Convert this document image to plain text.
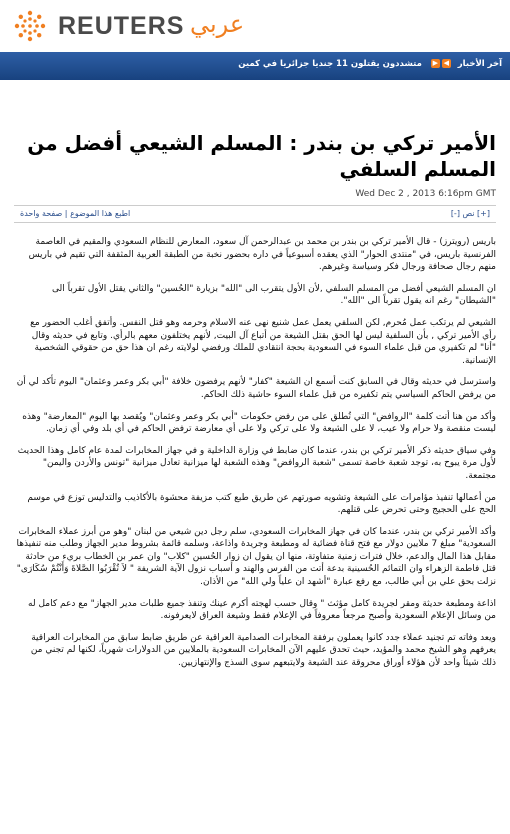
REUTERS عربي
آخر الأخبار ◀▶ متشددون يقتلون 11 جنديا جزائريا في كمين
الأمير تركي بن بندر : المسلم الشيعي أفضل من المسلم السلفي
Wed Dec 2 , 2013 6:16pm GMT
[+] نص [-]
اطبع هذا الموضوع | صفحة واحدة

باريس (رويترز) - قال الأمير تركي بن بندر بن محمد بن عبدالرحمن آل سعود، المعارض للنظام السعودي والمقيم في العاصمة الفرنسية باريس، في "منتدى الحوار" الذي يعقده أسبوعياً في داره بحضور نخبة من الطبقة العربية المثقفة التي تقيم في باريس منهم رجال صحافة ورجال فكر وسياسة وغيرهم.

ان المسلم الشيعي أفضل من المسلم السلفي ,لأن الأول يتقرب الى "الله" بزيارة "الحُسين" والثاني يقتل الأول تقرباً الى "الشيطان" رغم انه يقول تقرباً الى "الله".

الشيعي لم يرتكب عمل مُحرم, لكن السلفي يعمل عمل شنيع نهى عنه الاسلام وحرمه وهو قتل النفس. وأتفق أغلب الحضور مع رأي الأمير تركي , بأن السلفية ليس لها الحق بقتل الشيعة من أتباع آل البيت, لأنهم يختلفون معهم بالرأي. وتابع في حديثه وقال "أنا" لم تكفيري من قبل علماء السوء في السعودية بحجة انتقادي للملك ورفضي لولايته رغم ان هذا حق من حقوقي الشخصية الإنسانية.

واسترسل في حديثه وقال في السابق كنت أسمع ان الشيعة "كفار" لأنهم يرفضون خلافة "أبي بكر وعمر وعثمان" اليوم تأكد لي أن من يرفض الحاكم السياسي يتم تكفيره من قبل علماء السوء حاشية ذلك الحاكم.

وأكد من هنا أتت كلمة "الروافض" التي تُطلق على من رفض حكومات "أبي بكر وعمر وعثمان" ويُقصد بها اليوم "المعارضة" وهذه ليست منقصة ولا حرام ولا عيب، لا على الشيعة ولا على تركي ولا على أي معارضة ترفض الحاكم في أي بلد وفي أي زمان.

وفي سياق حديثه ذكر الأمير تركي بن بندر، عندما كان ضابط في وزارة الداخلية و في جهاز المخابرات لمدة عام كامل وهذا الحديث لأول مرة يبوح به، توجد شعبة خاصة تسمى "شعبة الروافض" وهذه الشعبة لها ميزانية تعادل ميزانية "تونس والأردن واليمن" مجتمعة.

من أعمالها تنفيذ مؤامرات على الشيعة وتشويه صورتهم عن طريق طبع كتب مزيفة محشوة بالأكاذيب والتدليس توزع في موسم الحج على الحجيج وحتى تحرض على قتلهم.

وأكد الأمير تركي بن بندر، عندما كان في جهاز المخابرات السعودي، سلم رجل دين شيعي من لبنان "وهو من أبرز عملاء المخابرات السعودية" مبلغ 7 ملايين دولار مع فتح قناة فضائية له ومطبعة وجريدة واذاعة، وسلمه قائمة بشروط مدير الجهاز وطلب منه تنفيذها مقابل هذا المال والدعم، خلال فترات زمنية متفاوتة، منها ان يقول ان زوار الحُسين "كلاب" وان عمر بن الخطاب بريء من حادثة قتل فاطمة الزهراء وان التمائم الحُسينية بدعة أتت من الفرس والهند و أسباب نزول الآية الشريفة " لاَ تُقْرَبُوا الصَّلاةَ وَأَنْتُمْ سُكَارَى" نزلت بحق علي بن أبي طالب، مع رفع عبارة "أشهد ان علياً ولي الله" من الأذان.

اذاعة ومطبعة حديثة ومقر لجريدة كامل مؤثث " وقال حسب لهجته أكرم عينك وتنفذ جميع طلبات مدير الجهاز" مع دعم كامل له من وسائل الإعلام السعودية وأصبح مرجعاً معروفاً في الإعلام فقط وشيعة العراق لايعرفونه.

ويعد وفاته تم تجنيد عملاء جدد كانوا يعملون برفقة المخابرات الصدامية العراقية عن طريق ضابط سابق من المخابرات العراقية يعرفهم وهو الشيخ محمد والمؤيد، حيث تحدق عليهم الآن المخابرات السعودية بالملايين من الدولارات شهرياً، لكنها لم تجني من ذلك شيئاً واحد لأن هؤلاء أوراق محروقة عند الشيعة ولايتبعهم سوى السذج والإنتهازيين.
